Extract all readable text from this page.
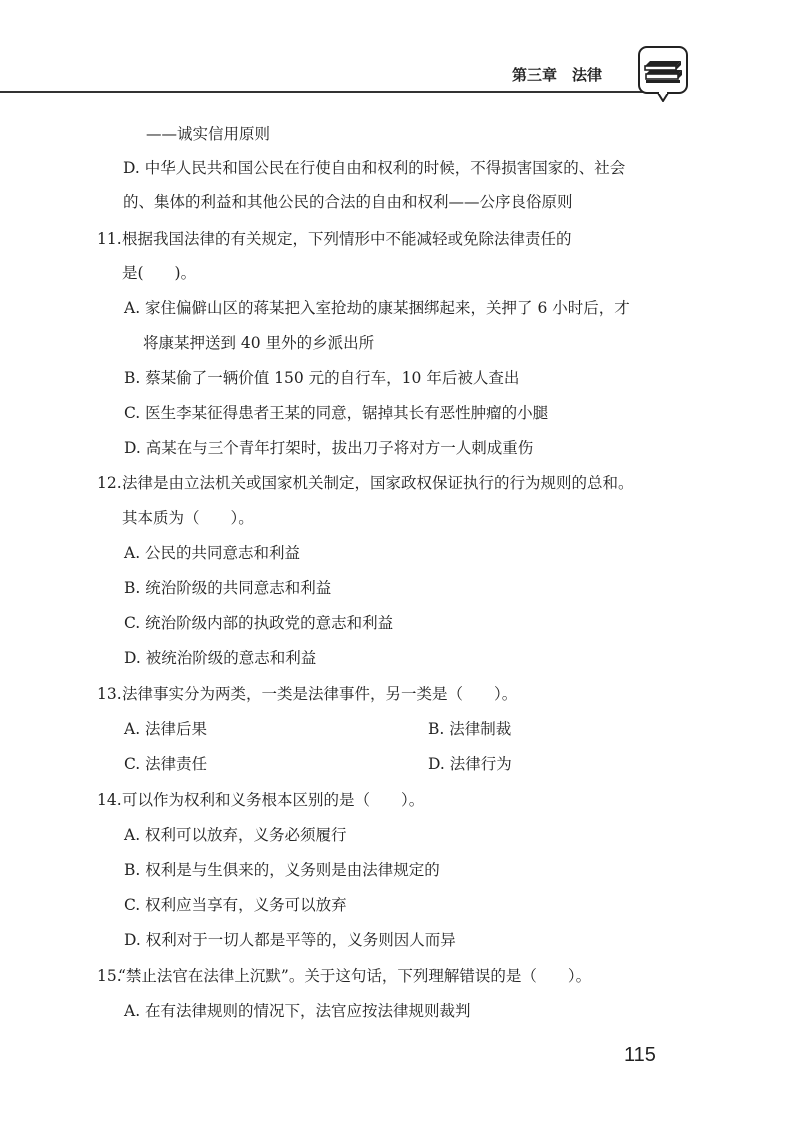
第三章　 法律
——诚实信用原则
D. 中华人民共和国公民在行使自由和权利的时候，不得损害国家的、社会
的、集体的利益和其他公民的合法的自由和权利——公序良俗原则
11. 根据我国法律的有关规定，下列情形中不能减轻或免除法律责任的
是(　　)。
A. 家住偏僻山区的蒋某把入室抢劫的康某捆绑起来，关押了 6 小时后，才
将康某押送到 40 里外的乡派出所
B. 蔡某偷了一辆价值 150 元的自行车，10 年后被人查出
C. 医生李某征得患者王某的同意，锯掉其长有恶性肿瘤的小腿
D. 高某在与三个青年打架时，拔出刀子将对方一人刺成重伤
12. 法律是由立法机关或国家机关制定，国家政权保证执行的行为规则的总和。
其本质为（　　）。
A. 公民的共同意志和利益
B. 统治阶级的共同意志和利益
C. 统治阶级内部的执政党的意志和利益
D. 被统治阶级的意志和利益
13. 法律事实分为两类，一类是法律事件，另一类是（　　）。
A. 法律后果	B. 法律制裁
C. 法律责任	D. 法律行为
14. 可以作为权利和义务根本区别的是（　　）。
A. 权利可以放弃，义务必须履行
B. 权利是与生俱来的，义务则是由法律规定的
C. 权利应当享有，义务可以放弃
D. 权利对于一切人都是平等的，义务则因人而异
15.
“禁止法官在法律上沉默”。关于这句话，下列理解错误的是（　　）。
A. 在有法律规则的情况下，法官应按法律规则裁判
115
